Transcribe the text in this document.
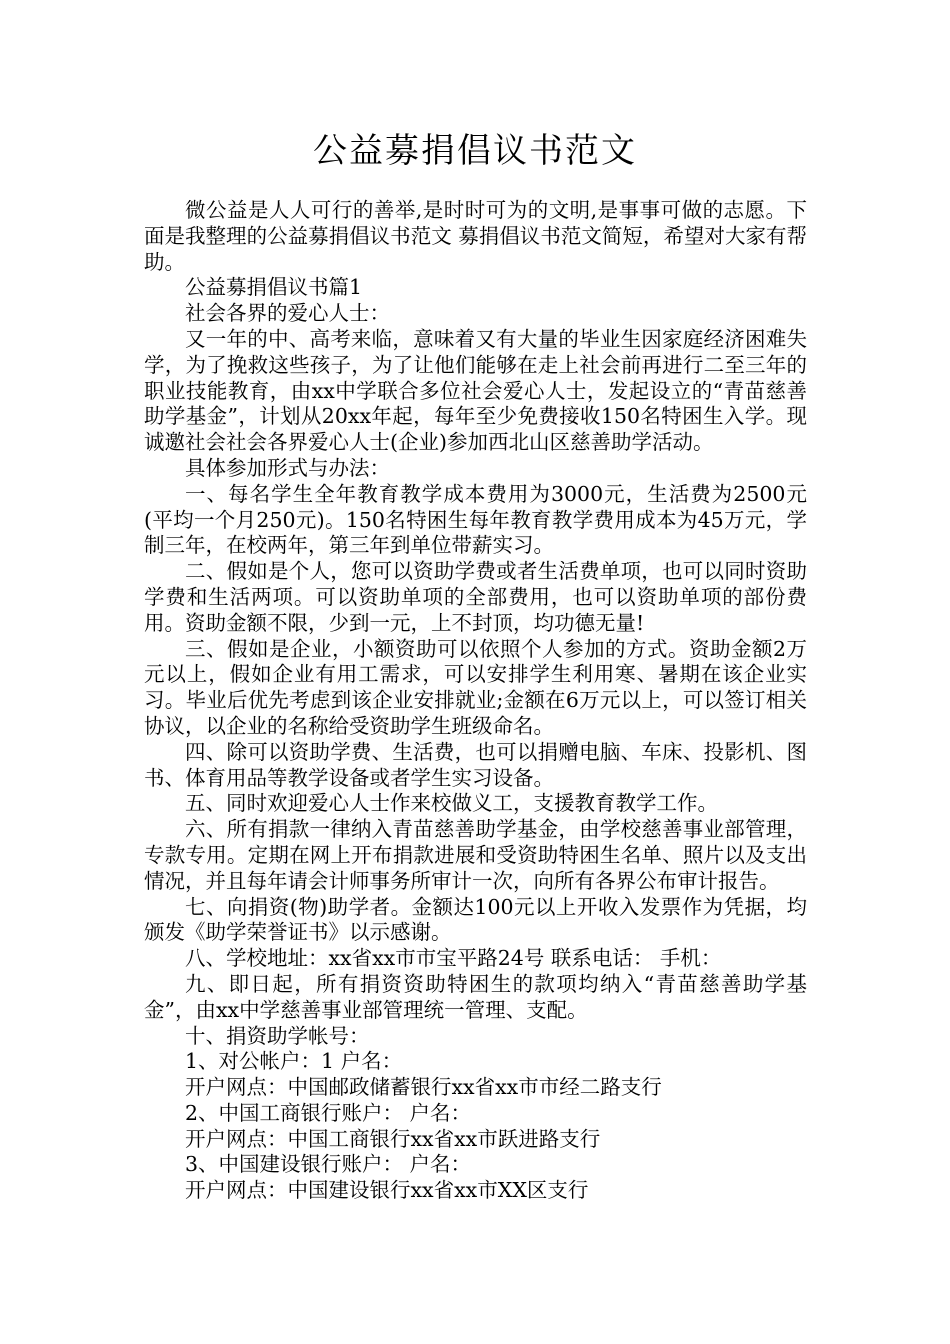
公益募捐倡议书范文

微公益是人人可行的善举,是时时可为的文明,是事事可做的志愿。下面是我整理的公益募捐倡议书范文 募捐倡议书范文简短，希望对大家有帮助。

公益募捐倡议书篇1

社会各界的爱心人士：

又一年的中、高考来临，意味着又有大量的毕业生因家庭经济困难失学，为了挽救这些孩子，为了让他们能够在走上社会前再进行二至三年的职业技能教育，由xx中学联合多位社会爱心人士，发起设立的“青苗慈善助学基金”，计划从20xx年起，每年至少免费接收150名特困生入学。现诚邀社会社会各界爱心人士(企业)参加西北山区慈善助学活动。

具体参加形式与办法：

一、每名学生全年教育教学成本费用为3000元，生活费为2500元(平均一个月250元)。150名特困生每年教育教学费用成本为45万元，学制三年，在校两年，第三年到单位带薪实习。

二、假如是个人，您可以资助学费或者生活费单项，也可以同时资助学费和生活两项。可以资助单项的全部费用，也可以资助单项的部份费用。资助金额不限，少到一元，上不封顶，均功德无量!

三、假如是企业，小额资助可以依照个人参加的方式。资助金额2万元以上，假如企业有用工需求，可以安排学生利用寒、暑期在该企业实习。毕业后优先考虑到该企业安排就业;金额在6万元以上，可以签订相关协议，以企业的名称给受资助学生班级命名。

四、除可以资助学费、生活费，也可以捐赠电脑、车床、投影机、图书、体育用品等教学设备或者学生实习设备。

五、同时欢迎爱心人士作来校做义工，支援教育教学工作。

六、所有捐款一律纳入青苗慈善助学基金，由学校慈善事业部管理，专款专用。定期在网上开布捐款进展和受资助特困生名单、照片以及支出情况，并且每年请会计师事务所审计一次，向所有各界公布审计报告。

七、向捐资(物)助学者。金额达100元以上开收入发票作为凭据，均颁发《助学荣誉证书》以示感谢。

八、学校地址：xx省xx市市宝平路24号 联系电话： 手机：

九、即日起，所有捐资资助特困生的款项均纳入“青苗慈善助学基金”，由xx中学慈善事业部管理统一管理、支配。

十、捐资助学帐号：

1、对公帐户：1 户名：

开户网点：中国邮政储蓄银行xx省xx市市经二路支行

2、中国工商银行账户： 户名：

开户网点：中国工商银行xx省xx市跃进路支行

3、中国建设银行账户： 户名：

开户网点：中国建设银行xx省xx市XX区支行
